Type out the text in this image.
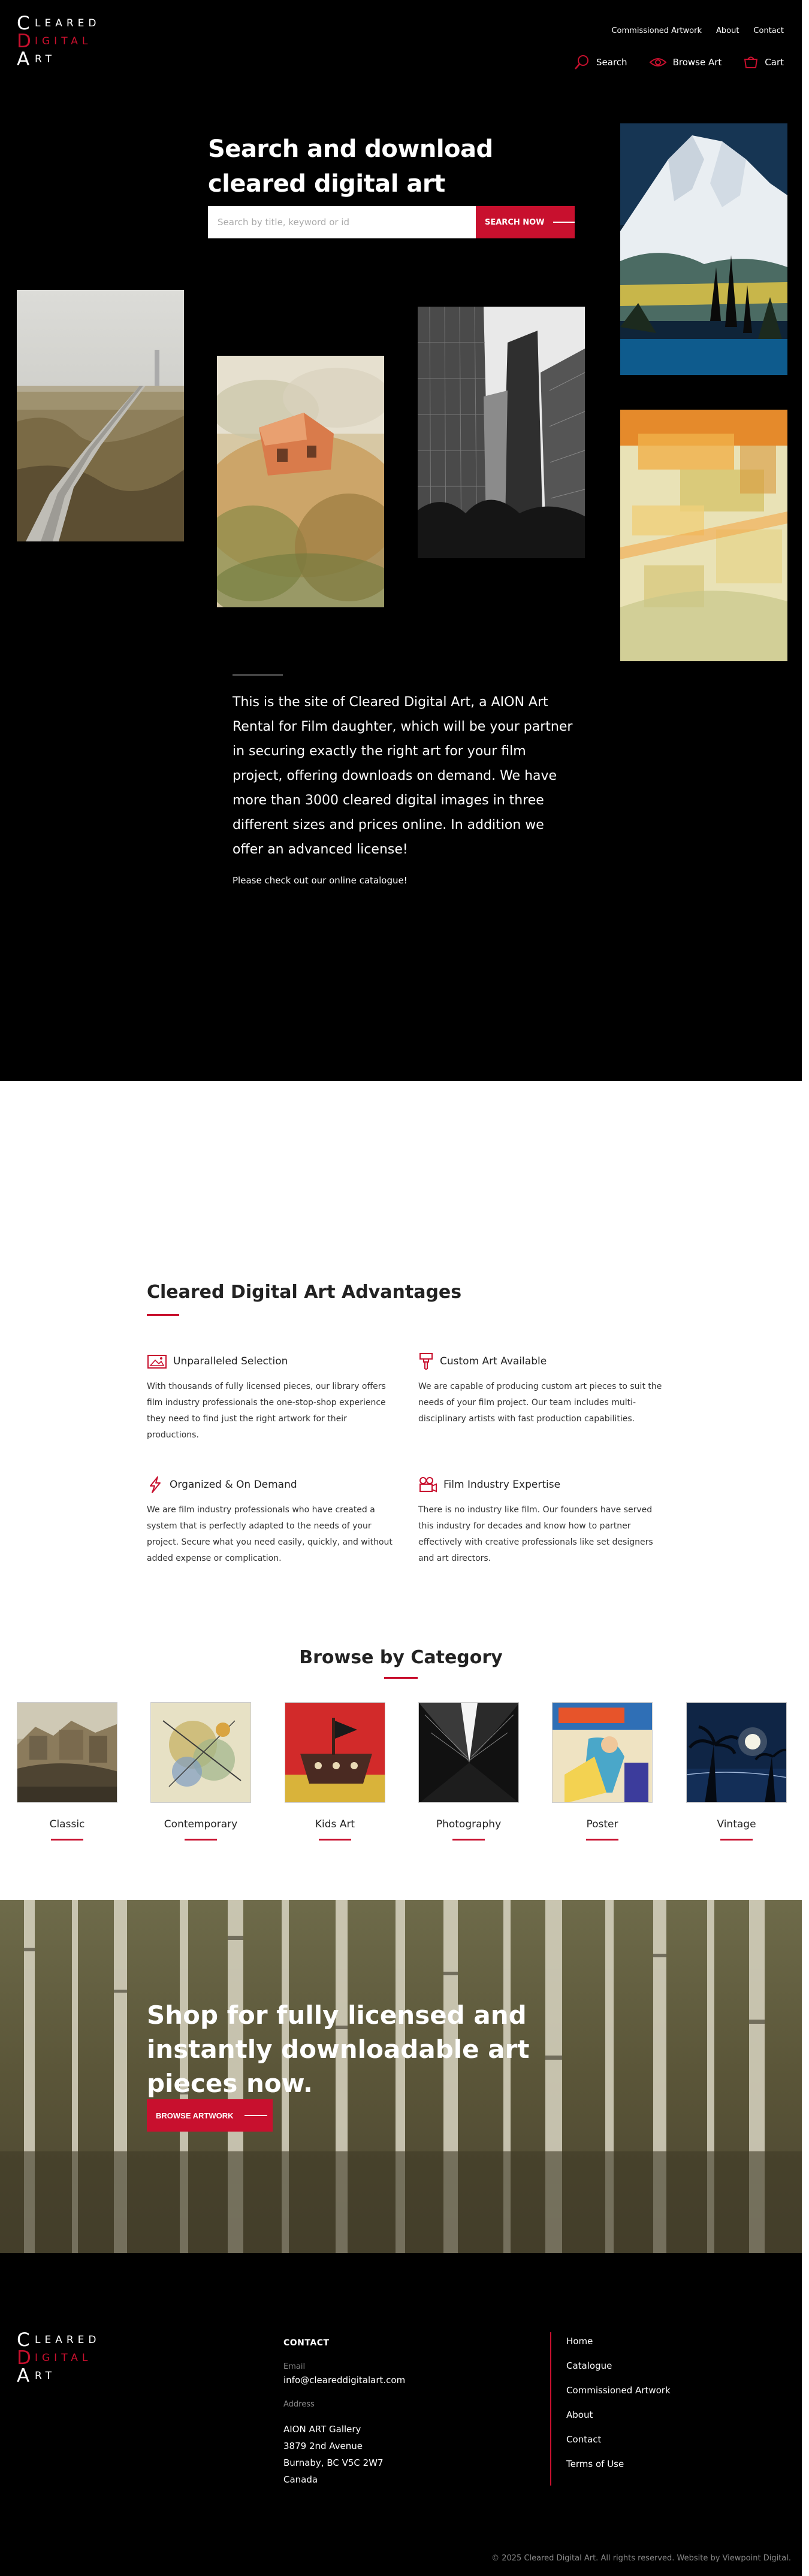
C LEARED
D IGITAL
A RT
Commissioned Artwork About Contact
Search	Browse Art	Cart
Search and download cleared digital art
Search by title, keyword or id
SEARCH NOW

This is the site of Cleared Digital Art, a AION Art Rental for Film daughter, which will be your partner in securing exactly the right art for your film project, offering downloads on demand. We have more than 3000 cleared digital images in three different sizes and prices online. In addition we offer an advanced license!

Please check out our online catalogue!
Cleared Digital Art Advantages
Unparalleled Selection

With thousands of fully licensed pieces, our library offers film industry professionals the one-stop-shop experience they need to find just the right artwork for their productions.

Custom Art Available

We are capable of producing custom art pieces to suit the needs of your film project. Our team includes multi-disciplinary artists with fast production capabilities.

Organized & On Demand

We are film industry professionals who have created a system that is perfectly adapted to the needs of your project. Secure what you need easily, quickly, and without added expense or complication.

Film Industry Expertise

There is no industry like film. Our founders have served this industry for decades and know how to partner effectively with creative professionals like set designers and art directors.

Browse by Category
Classic	Contemporary	Kids Art	Photography	Poster	Vintage
Shop for fully licensed and instantly downloadable art pieces now.
BROWSE ARTWORK
C LEARED
D IGITAL
A RT
CONTACT
Email
info@cleareddigitalart.com
Address
AION ART Gallery
3879 2nd Avenue
Burnaby, BC V5C 2W7
Canada
Home
Catalogue
Commissioned Artwork
About
Contact
Terms of Use
© 2025 Cleared Digital Art. All rights reserved. Website by Viewpoint Digital.
